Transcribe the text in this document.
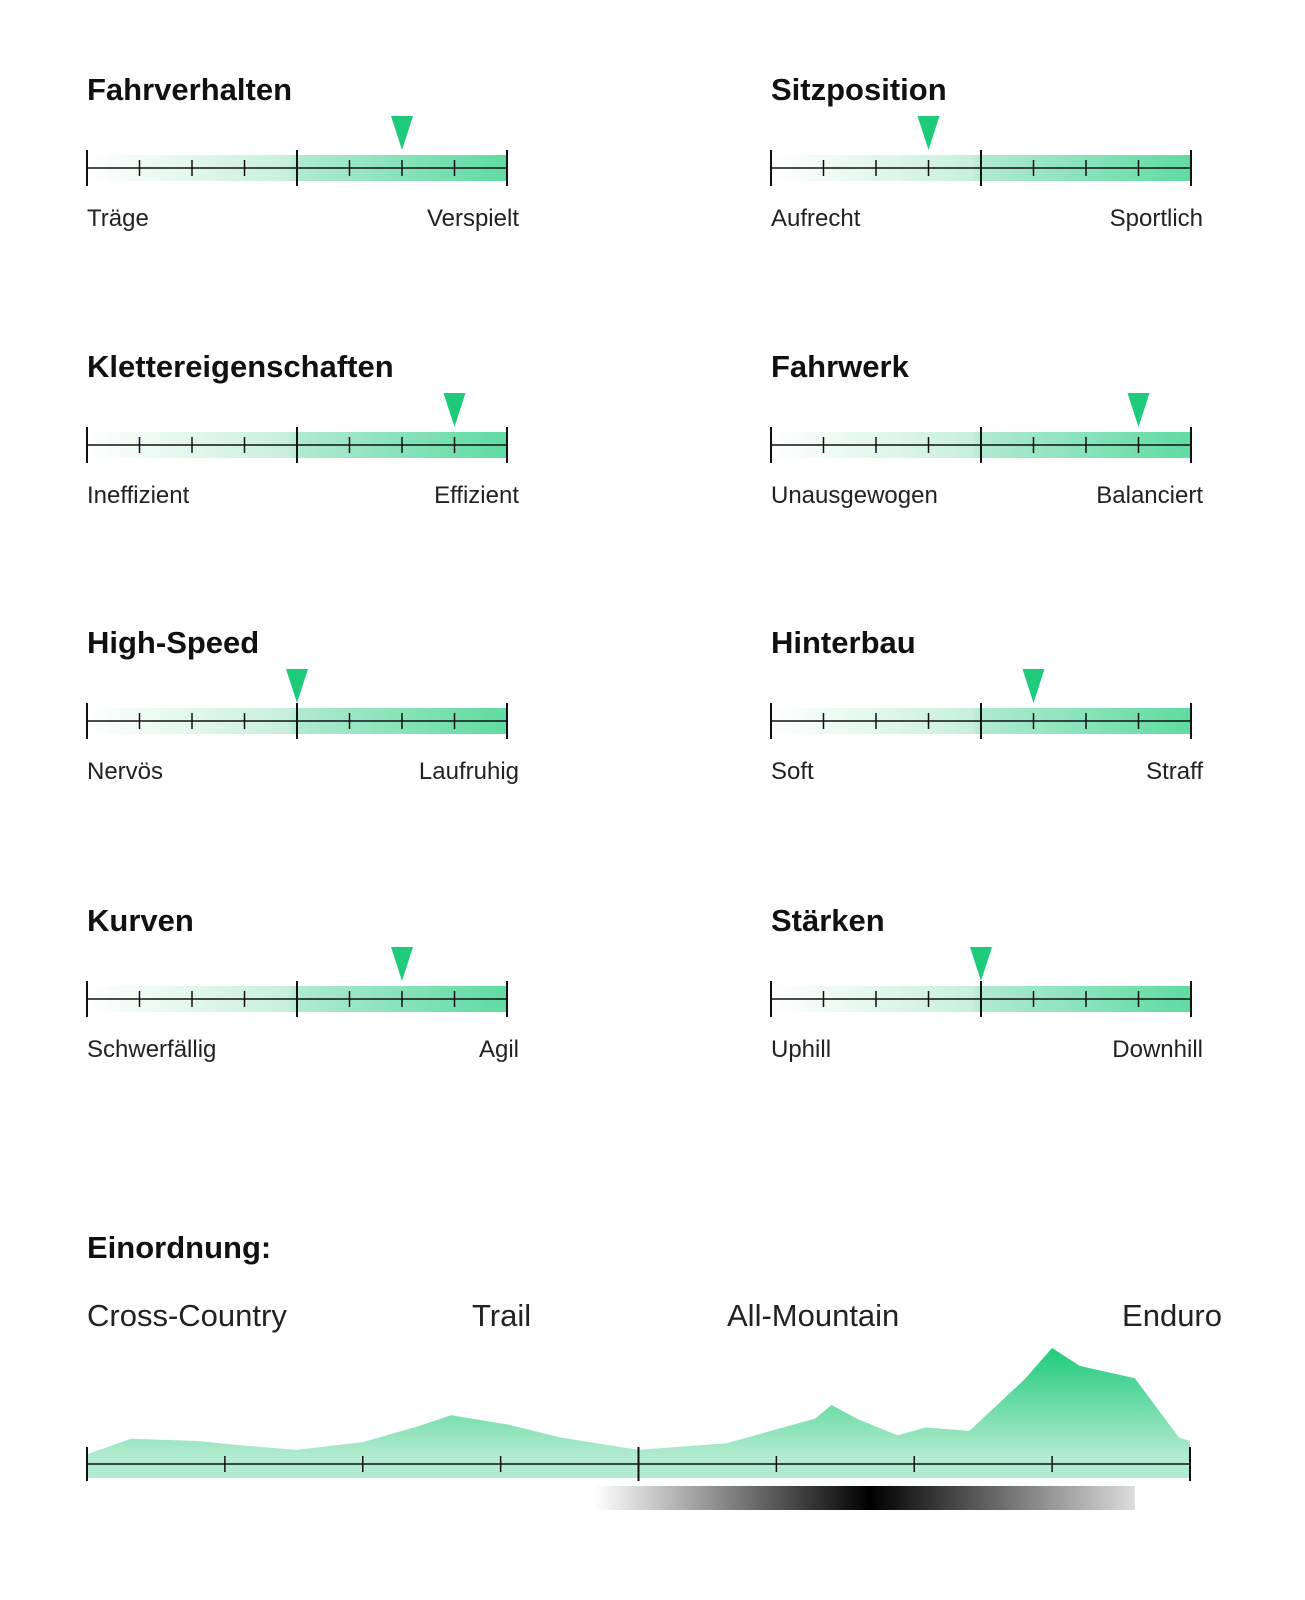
Fahrverhalten
Träge	Verspielt
Sitzposition
Aufrecht	Sportlich
Klettereigenschaften
Ineffizient	Effizient
Fahrwerk
Unausgewogen	Balanciert
High-Speed
Nervös	Laufruhig
Hinterbau
Soft	Straff
Kurven
Schwerfällig	Agil
Stärken
Uphill	Downhill
Einordnung:
Cross-Country	Trail	All-Mountain	Enduro
